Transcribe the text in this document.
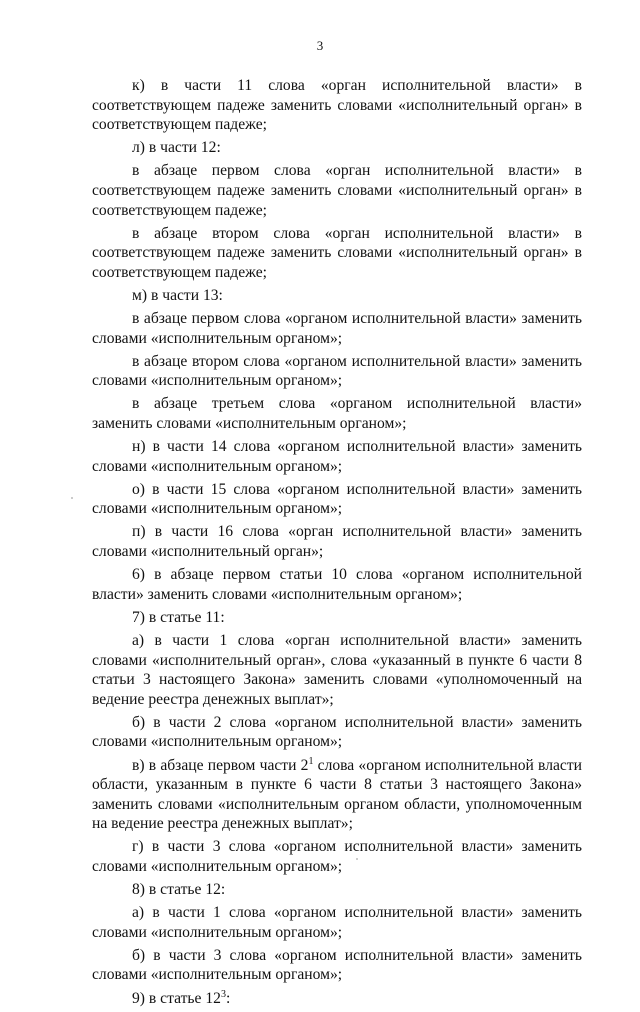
3

к) в части 11 слова «орган исполнительной власти» в соответствующем падеже заменить словами «исполнительный орган» в соответствующем падеже;

л) в части 12:

в абзаце первом слова «орган исполнительной власти» в соответствующем падеже заменить словами «исполнительный орган» в соответствующем падеже;

в абзаце втором слова «орган исполнительной власти» в соответствующем падеже заменить словами «исполнительный орган» в соответствующем падеже;

м) в части 13:

в абзаце первом слова «органом исполнительной власти» заменить словами «исполнительным органом»;

в абзаце втором слова «органом исполнительной власти» заменить словами «исполнительным органом»;

в абзаце третьем слова «органом исполнительной власти» заменить словами «исполнительным органом»;

н) в части 14 слова «органом исполнительной власти» заменить словами «исполнительным органом»;

о) в части 15 слова «органом исполнительной власти» заменить словами «исполнительным органом»;

п) в части 16 слова «орган исполнительной власти» заменить словами «исполнительный орган»;

6) в абзаце первом статьи 10 слова «органом исполнительной власти» заменить словами «исполнительным органом»;

7) в статье 11:

а) в части 1 слова «орган исполнительной власти» заменить словами «исполнительный орган», слова «указанный в пункте 6 части 8 статьи 3 настоящего Закона» заменить словами «уполномоченный на ведение реестра денежных выплат»;

б) в части 2 слова «органом исполнительной власти» заменить словами «исполнительным органом»;

в) в абзаце первом части $2^1$ слова «органом исполнительной власти области, указанным в пункте 6 части 8 статьи 3 настоящего Закона» заменить словами «исполнительным органом области, уполномоченным на ведение реестра денежных выплат»;

г) в части 3 слова «органом исполнительной власти» заменить словами «исполнительным органом»;

8) в статье 12:

а) в части 1 слова «органом исполнительной власти» заменить словами «исполнительным органом»;

б) в части 3 слова «органом исполнительной власти» заменить словами «исполнительным органом»;

9) в статье $12^3$:
